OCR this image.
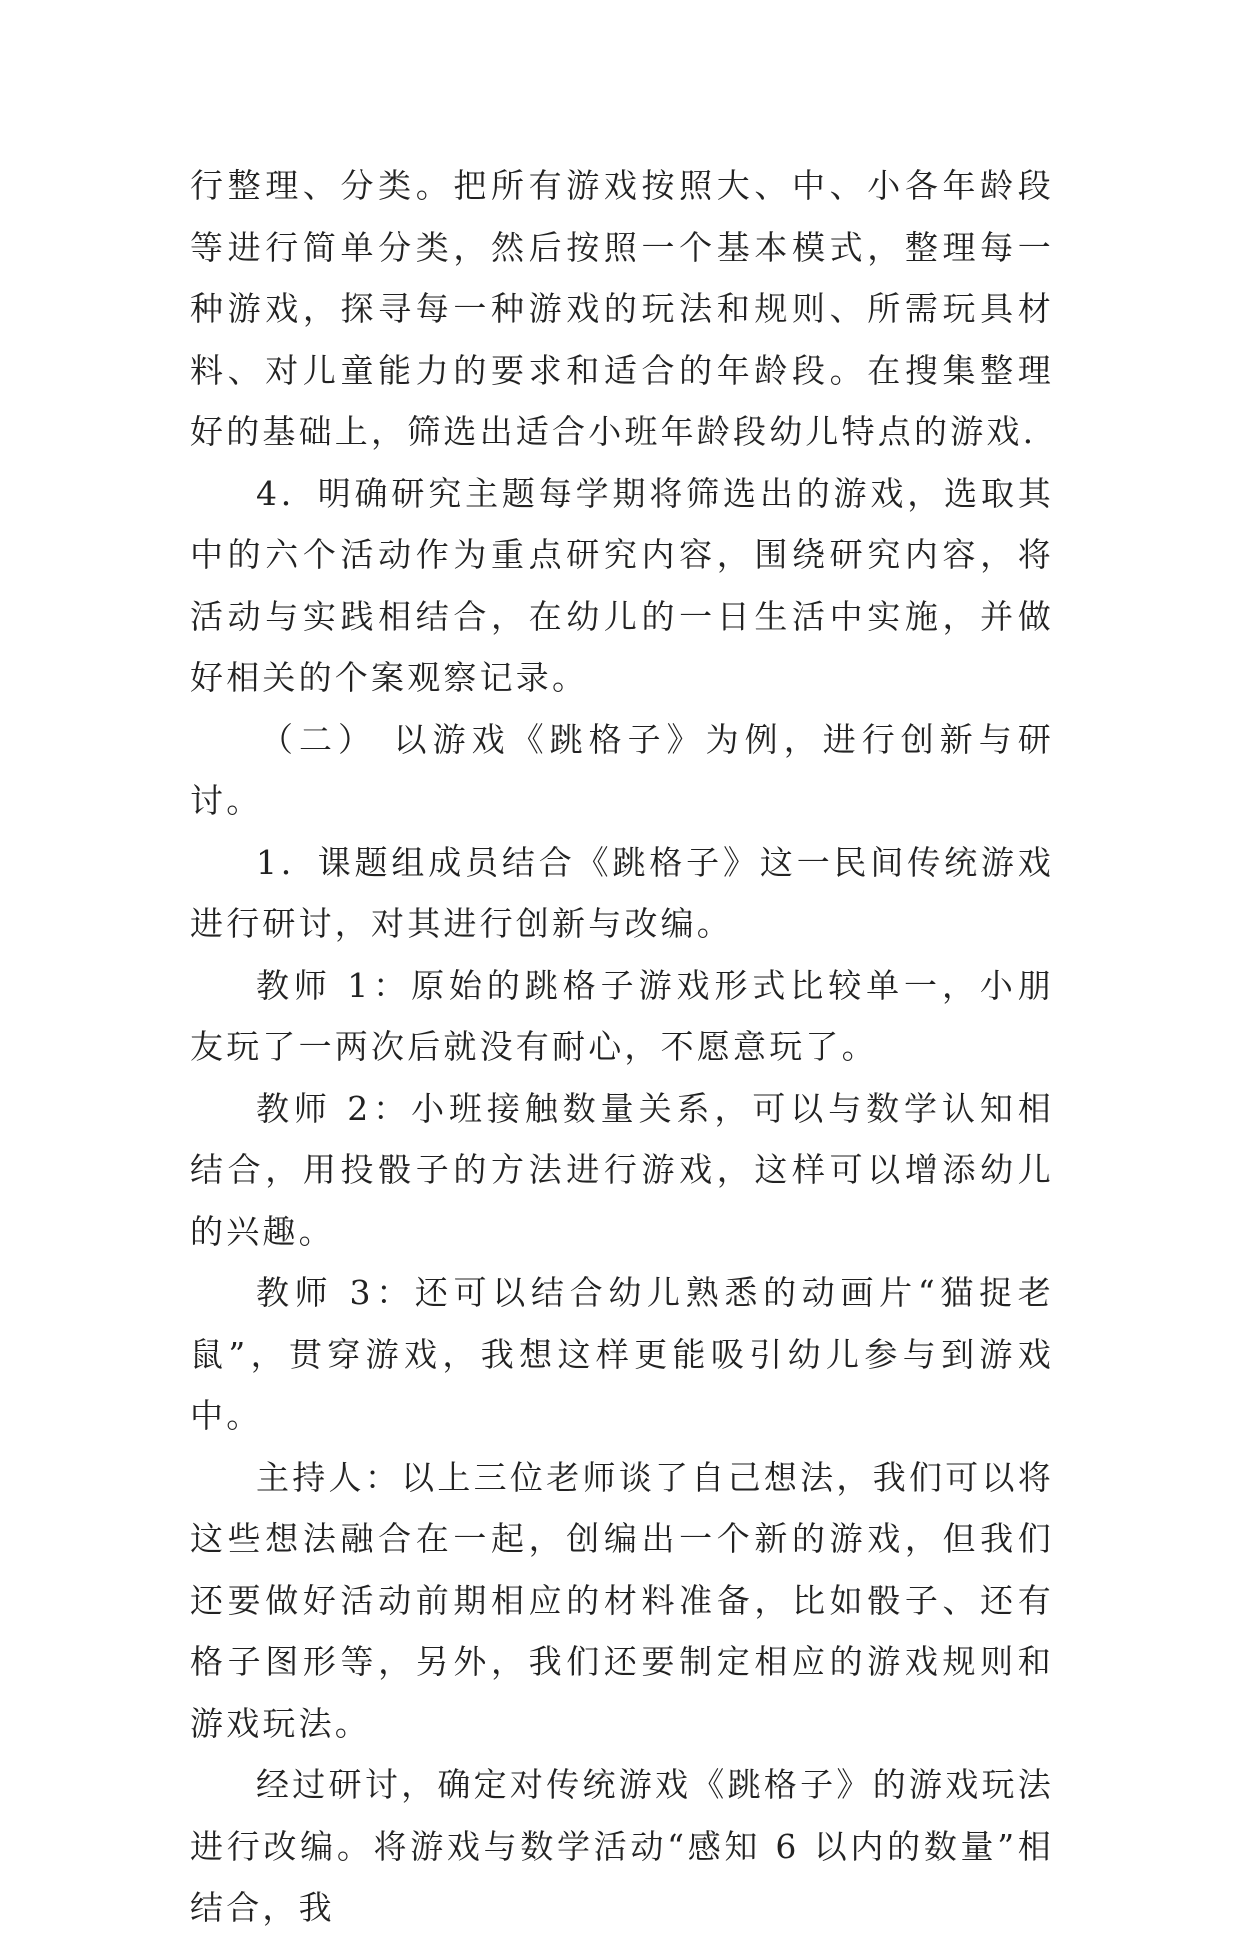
行整理、分类。把所有游戏按照大、中、小各年龄段等进行简单分类，然后按照一个基本模式，整理每一种游戏，探寻每一种游戏的玩法和规则、所需玩具材料、对儿童能力的要求和适合的年龄段。在搜集整理好的基础上，筛选出适合小班年龄段幼儿特点的游戏.

4．明确研究主题每学期将筛选出的游戏，选取其中的六个活动作为重点研究内容，围绕研究内容，将活动与实践相结合，在幼儿的一日生活中实施，并做好相关的个案观察记录。

（二） 以游戏《跳格子》为例，进行创新与研讨。

1．课题组成员结合《跳格子》这一民间传统游戏进行研讨，对其进行创新与改编。

教师 1：原始的跳格子游戏形式比较单一，小朋友玩了一两次后就没有耐心，不愿意玩了。

教师 2：小班接触数量关系，可以与数学认知相结合，用投骰子的方法进行游戏，这样可以增添幼儿的兴趣。

教师 3：还可以结合幼儿熟悉的动画片“猫捉老鼠”，贯穿游戏，我想这样更能吸引幼儿参与到游戏中。

主持人：以上三位老师谈了自己想法，我们可以将这些想法融合在一起，创编出一个新的游戏，但我们还要做好活动前期相应的材料准备，比如骰子、还有格子图形等，另外，我们还要制定相应的游戏规则和游戏玩法。

经过研讨，确定对传统游戏《跳格子》的游戏玩法进行改编。将游戏与数学活动“感知 6 以内的数量”相结合，我
